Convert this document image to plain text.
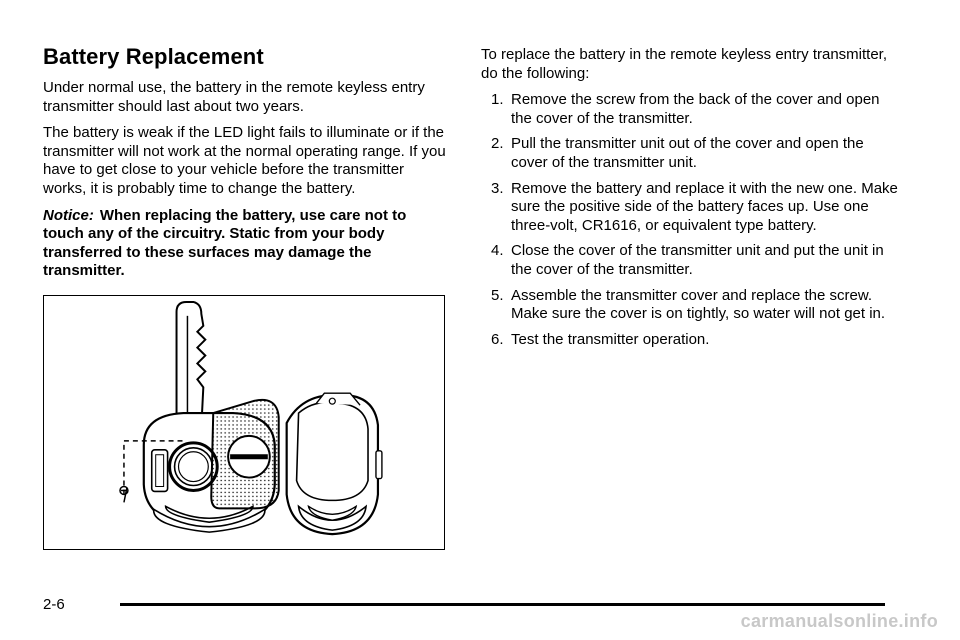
Battery Replacement

Under normal use, the battery in the remote keyless entry transmitter should last about two years.

The battery is weak if the LED light fails to illuminate or if the transmitter will not work at the normal operating range. If you have to get close to your vehicle before the transmitter works, it is probably time to change the battery.

Notice: When replacing the battery, use care not to touch any of the circuitry. Static from your body transferred to these surfaces may damage the transmitter.

To replace the battery in the remote keyless entry transmitter, do the following:

1. Remove the screw from the back of the cover and open the cover of the transmitter.
2. Pull the transmitter unit out of the cover and open the cover of the transmitter unit.
3. Remove the battery and replace it with the new one. Make sure the positive side of the battery faces up. Use one three-volt, CR1616, or equivalent type battery.
4. Close the cover of the transmitter unit and put the unit in the cover of the transmitter.
5. Assemble the transmitter cover and replace the screw. Make sure the cover is on tightly, so water will not get in.
6. Test the transmitter operation.
2-6
carmanualsonline.info
